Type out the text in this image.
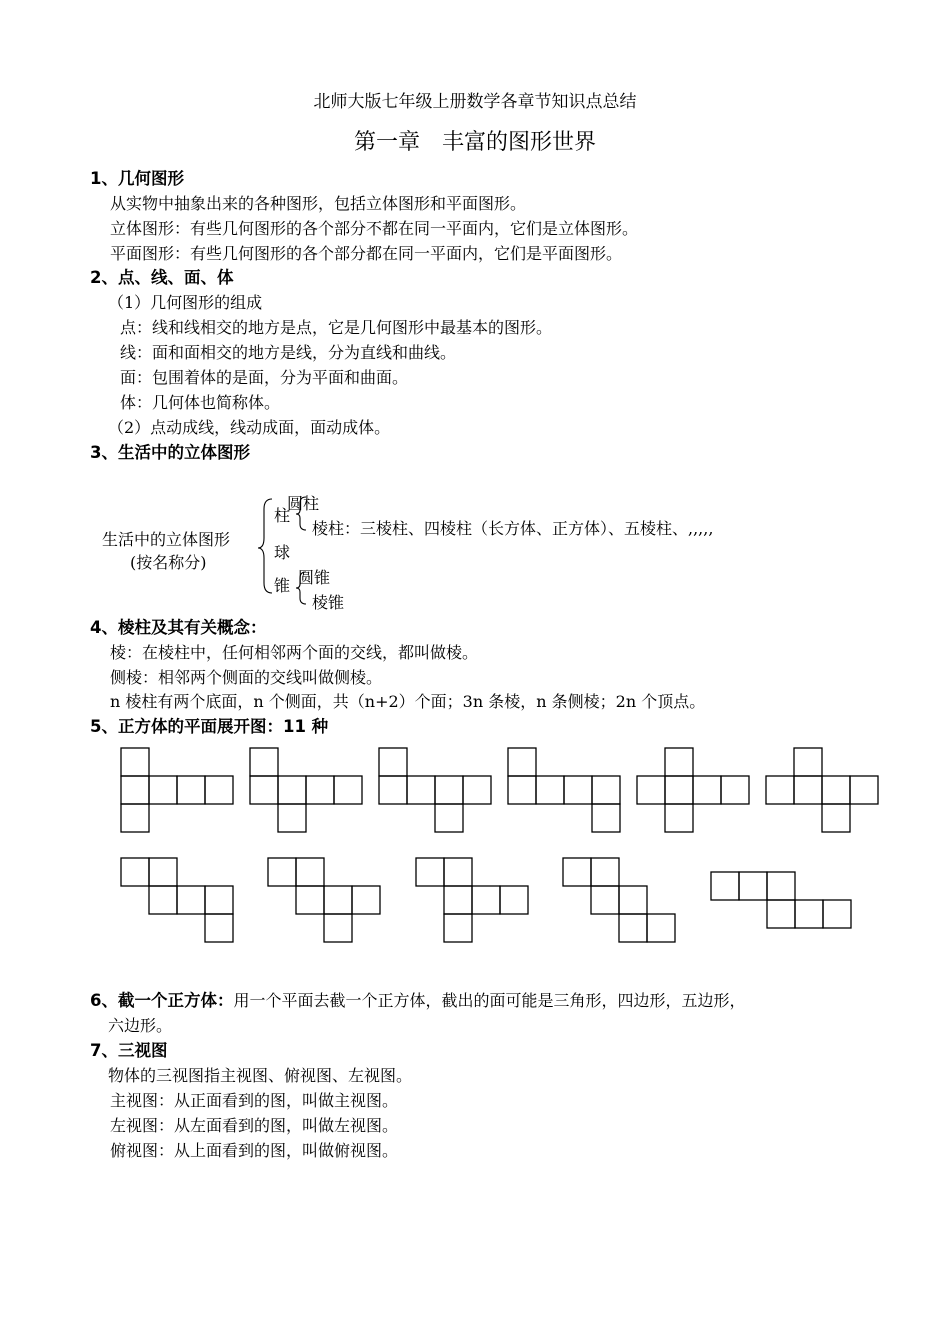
北师大版七年级上册数学各章节知识点总结
第一章　丰富的图形世界
1、几何图形
从实物中抽象出来的各种图形，包括立体图形和平面图形。
立体图形：有些几何图形的各个部分不都在同一平面内，它们是立体图形。
平面图形：有些几何图形的各个部分都在同一平面内，它们是平面图形。
2、点、线、面、体
（1）几何图形的组成
点：线和线相交的地方是点，它是几何图形中最基本的图形。
线：面和面相交的地方是线，分为直线和曲线。
面：包围着体的是面，分为平面和曲面。
体：几何体也简称体。
（2）点动成线，线动成面，面动成体。
3、生活中的立体图形
生活中的立体图形
(按名称分)
柱
圆柱
棱柱：三棱柱、四棱柱（长方体、正方体）、五棱柱、,,,,,
球
锥 圆锥
棱锥
4、棱柱及其有关概念：
棱：在棱柱中，任何相邻两个面的交线，都叫做棱。
侧棱：相邻两个侧面的交线叫做侧棱。
n 棱柱有两个底面，n 个侧面，共（n+2）个面；3n 条棱，n 条侧棱；2n 个顶点。
5、正方体的平面展开图：11 种
6、截一个正方体：用一个平面去截一个正方体，截出的面可能是三角形，四边形，五边形，
六边形。
7、三视图
物体的三视图指主视图、俯视图、左视图。
主视图：从正面看到的图，叫做主视图。
左视图：从左面看到的图，叫做左视图。
俯视图：从上面看到的图，叫做俯视图。
